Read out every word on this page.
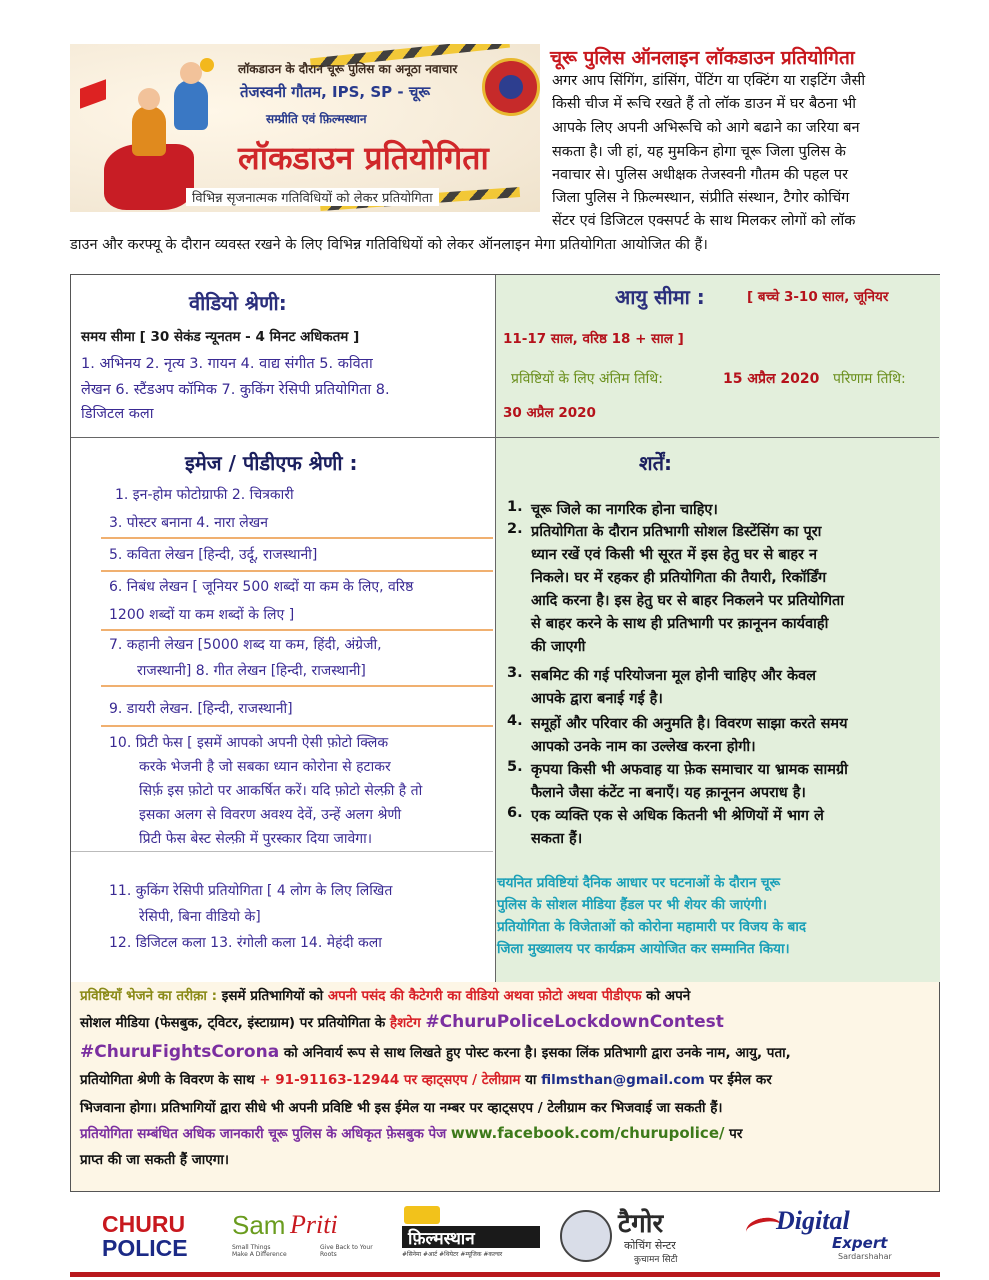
लॉकडाउन के दौरान चूरू पुलिस का अनूठा नवाचार
तेजस्वनी गौतम, IPS, SP - चूरू
सम्प्रीति एवं फ़िल्मस्थान
लॉकडाउन प्रतियोगिता
विभिन्न सृजनात्मक गतिविधियों को लेकर प्रतियोगिता
चूरू पुलिस ऑनलाइन लॉकडाउन प्रतियोगिता
अगर आप सिंगिंग, डांसिंग, पेंटिंग या एक्टिंग या राइटिंग जैसी
किसी चीज में रूचि रखते हैं तो लॉक डाउन में घर बैठना भी
आपके लिए अपनी अभिरूचि को आगे बढाने का जरिया बन
सकता है। जी हां, यह मुमकिन होगा चूरू जिला पुलिस के
नवाचार से। पुलिस अधीक्षक तेजस्वनी गौतम की पहल पर
जिला पुलिस ने फ़िल्मस्थान, संप्रीति संस्थान, टैगोर कोचिंग
सेंटर एवं डिजिटल एक्सपर्ट के साथ मिलकर लोगों को लॉक
डाउन और करफ्यू के दौरान व्यवस्त रखने के लिए विभिन्न गतिविधियों को लेकर ऑनलाइन मेगा प्रतियोगिता आयोजित की हैं।
वीडियो श्रेणी:
समय सीमा [ 30 सेकंड न्यूनतम - 4 मिनट अधिकतम ]
1. अभिनय 2. नृत्य 3. गायन 4. वाद्य संगीत 5. कविता
लेखन 6. स्टैंडअप कॉमिक 7. कुकिंग रेसिपी प्रतियोगिता 8.
डिजिटल कला
आयु सीमा :	[ बच्चे 3-10 साल, जूनियर
11-17 साल, वरिष्ठ 18 + साल ]
प्रविष्टियों के लिए अंतिम तिथि:	15 अप्रैल 2020 परिणाम तिथि:
30 अप्रैल 2020
इमेज / पीडीएफ श्रेणी :
1. इन-होम फोटोग्राफी 2. चित्रकारी
3. पोस्टर बनाना 4. नारा लेखन
5. कविता लेखन [हिन्दी, उर्दू, राजस्थानी]
6. निबंध लेखन [ जूनियर 500 शब्दों या कम के लिए, वरिष्ठ
1200 शब्दों या कम शब्दों के लिए ]
7. कहानी लेखन [5000 शब्द या कम, हिंदी, अंग्रेजी,
राजस्थानी] 8. गीत लेखन [हिन्दी, राजस्थानी]
9. डायरी लेखन. [हिन्दी, राजस्थानी]
10. प्रिटी फेस [ इसमें आपको अपनी ऐसी फ़ोटो क्लिक
करके भेजनी है जो सबका ध्यान कोरोना से हटाकर
सिर्फ़ इस फ़ोटो पर आकर्षित करें। यदि फ़ोटो सेल्फ़ी है तो
इसका अलग से विवरण अवश्य देवें, उन्हें अलग श्रेणी
प्रिटी फेस बेस्ट सेल्फ़ी में पुरस्कार दिया जावेगा।
11. कुकिंग रेसिपी प्रतियोगिता [ 4 लोग के लिए लिखित
रेसिपी, बिना वीडियो के]
12. डिजिटल कला 13. रंगोली कला 14. मेहंदी कला
शर्तें:
1. चूरू जिले का नागरिक होना चाहिए।
2. प्रतियोगिता के दौरान प्रतिभागी सोशल डिस्टेंसिंग का पूरा
ध्यान रखें एवं किसी भी सूरत में इस हेतु घर से बाहर न
निकले। घर में रहकर ही प्रतियोगिता की तैयारी, रिकॉर्डिंग
आदि करना है। इस हेतु घर से बाहर निकलने पर प्रतियोगिता
से बाहर करने के साथ ही प्रतिभागी पर क़ानूनन कार्यवाही
की जाएगी
3. सबमिट की गई परियोजना मूल होनी चाहिए और केवल
आपके द्वारा बनाई गई है।
4. समूहों और परिवार की अनुमति है। विवरण साझा करते समय
आपको उनके नाम का उल्लेख करना होगी।
5. कृपया किसी भी अफवाह या फ़ेक समाचार या भ्रामक सामग्री
फैलाने जैसा कंटेंट ना बनाएँ। यह क़ानूनन अपराध है।
6. एक व्यक्ति एक से अधिक कितनी भी श्रेणियों में भाग ले
सकता हैं।
चयनित प्रविष्टियां दैनिक आधार पर घटनाओं के दौरान चूरू
पुलिस के सोशल मीडिया हैंडल पर भी शेयर की जाएंगी।
प्रतियोगिता के विजेताओं को कोरोना महामारी पर विजय के बाद
जिला मुख्यालय पर कार्यक्रम आयोजित कर सम्मानित किया।
प्रविष्टियाँ भेजने का तरीक़ा : इसमें प्रतिभागियों को अपनी पसंद की कैटेगरी का वीडियो अथवा फ़ोटो अथवा पीडीएफ को अपने
सोशल मीडिया (फेसबुक, ट्विटर, इंस्टाग्राम) पर प्रतियोगिता के हैशटेग #ChuruPoliceLockdownContest
#ChuruFightsCorona को अनिवार्य रूप से साथ लिखते हुए पोस्ट करना है। इसका लिंक प्रतिभागी द्वारा उनके नाम, आयु, पता,
प्रतियोगिता श्रेणी के विवरण के साथ + 91-91163-12944 पर व्हाट्सएप / टेलीग्राम या filmsthan@gmail.com पर ईमेल कर
भिजवाना होगा। प्रतिभागियों द्वारा सीधे भी अपनी प्रविष्टि भी इस ईमेल या नम्बर पर व्हाट्सएप / टेलीग्राम कर भिजवाई जा सकती हैं।
प्रतियोगिता सम्बंधित अधिक जानकारी चूरू पुलिस के अधिकृत फ़ेसबुक पेज www.facebook.com/churupolice/ पर
प्राप्त की जा सकती हैं जाएगा।
CHURU
POLICE
Sam Priti
Small Things Make A Difference
Give Back to Your Roots
फ़िल्मस्थान
#सिनेमा #आर्ट #थियेटर #म्यूजिक #कल्चर
टैगोर
कोचिंग सेन्टर
कुचामन सिटी
Digital
Expert
Sardarshahar
